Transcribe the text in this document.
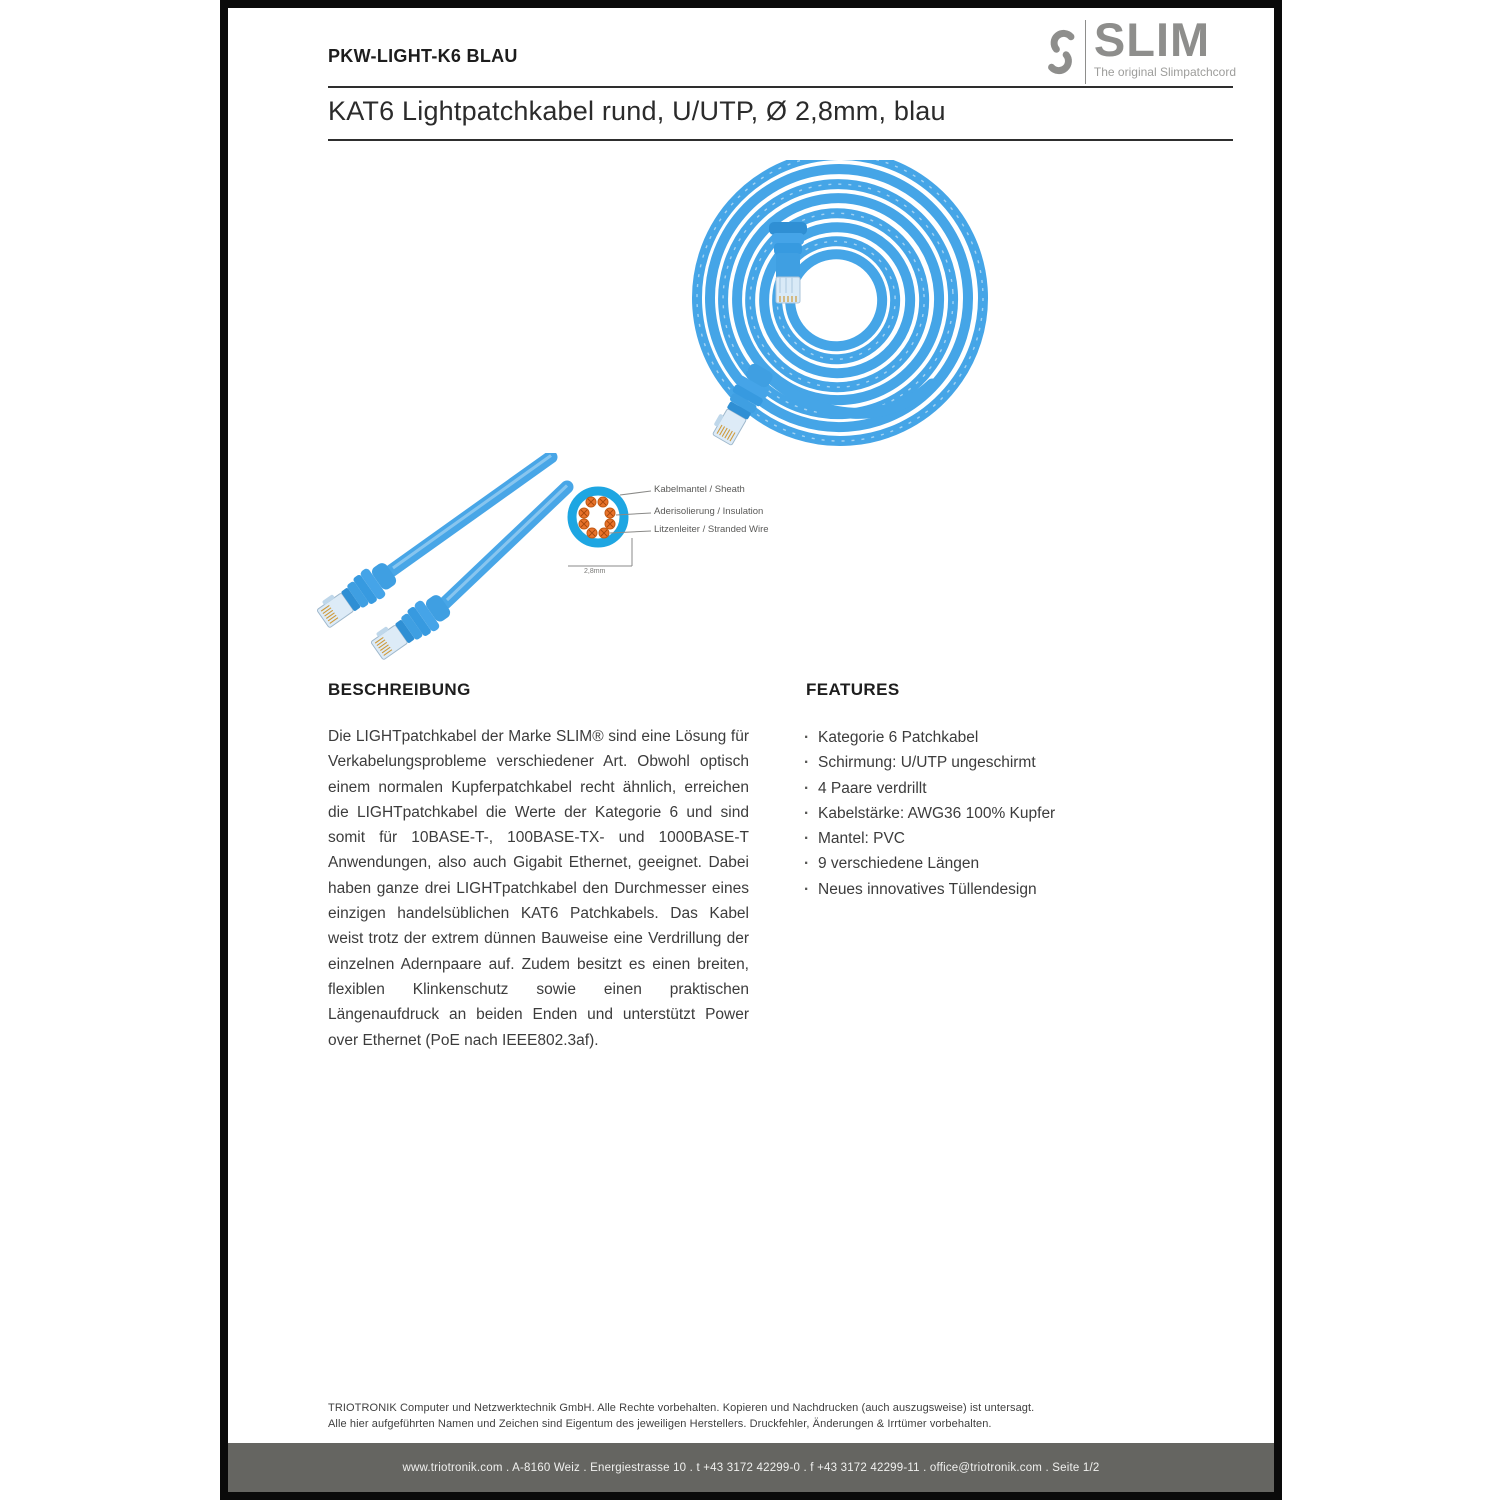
PKW-LIGHT-K6 BLAU	SLIM
The original Slimpatchcord
KAT6 Lightpatchkabel rund, U/UTP, Ø 2,8mm, blau
Kabelmantel / Sheath
Aderisolierung / Insulation
Litzenleiter / Stranded Wire
2,8mm
BESCHREIBUNG
Die LIGHTpatchkabel der Marke SLIM® sind eine Lösung für Verkabelungsprobleme verschiedener Art. Obwohl optisch einem normalen Kupferpatchkabel recht ähnlich, erreichen die LIGHTpatchkabel die Werte der Kategorie 6 und sind somit für 10BASE-T-, 100BASE-TX- und 1000BASE-T Anwendungen, also auch Gigabit Ethernet, geeignet. Dabei haben ganze drei LIGHTpatchkabel den Durchmesser eines einzigen handelsüblichen KAT6 Patchkabels. Das Kabel weist trotz der extrem dünnen Bauweise eine Verdrillung der einzelnen Adernpaare auf. Zudem besitzt es einen breiten, flexiblen Klinkenschutz sowie einen praktischen Längenaufdruck an beiden Enden und unterstützt Power over Ethernet (PoE nach IEEE802.3af).
FEATURES
· Kategorie 6 Patchkabel
· Schirmung: U/UTP ungeschirmt
· 4 Paare verdrillt
· Kabelstärke: AWG36 100% Kupfer
· Mantel: PVC
· 9 verschiedene Längen
· Neues innovatives Tüllendesign
TRIOTRONIK Computer und Netzwerktechnik GmbH. Alle Rechte vorbehalten. Kopieren und Nachdrucken (auch auszugsweise) ist untersagt.
Alle hier aufgeführten Namen und Zeichen sind Eigentum des jeweiligen Herstellers. Druckfehler, Änderungen & Irrtümer vorbehalten.
www.triotronik.com . A-8160 Weiz . Energiestrasse 10 . t +43 3172 42299-0 . f +43 3172 42299-11 . office@triotronik.com . Seite 1/2
